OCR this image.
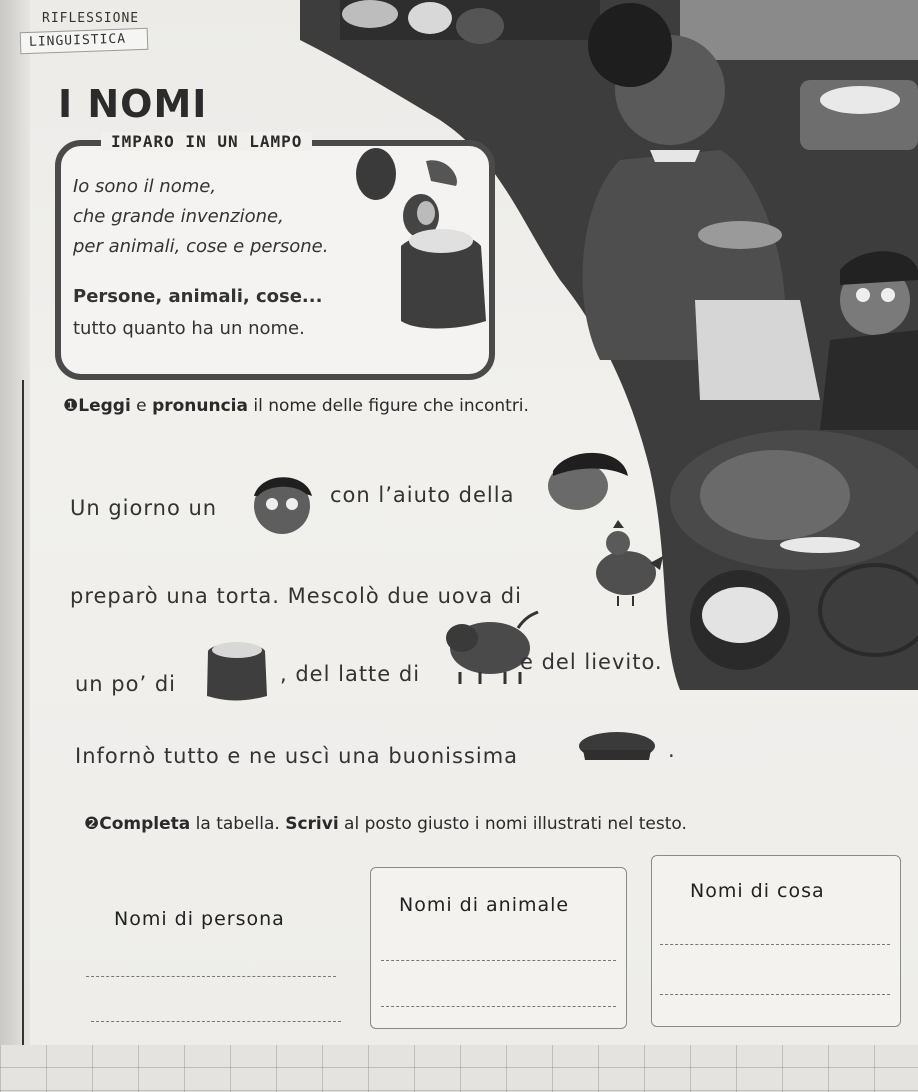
RIFLESSIONE
LINGUISTICA
I NOMI
IMPARO IN UN LAMPO
Io sono il nome,
che grande invenzione,
per animali, cose e persone.
Persone, animali, cose...
tutto quanto ha un nome.
❶Leggi e pronuncia il nome delle figure che incontri.
Un giorno un
con l’aiuto della
preparò una torta. Mescolò due uova di
un po’ di	, del latte di	e del lievito.
Infornò tutto e ne uscì una buonissima	.
❷Completa la tabella. Scrivi al posto giusto i nomi illustrati nel testo.
Nomi di persona
Nomi di animale
Nomi di cosa
